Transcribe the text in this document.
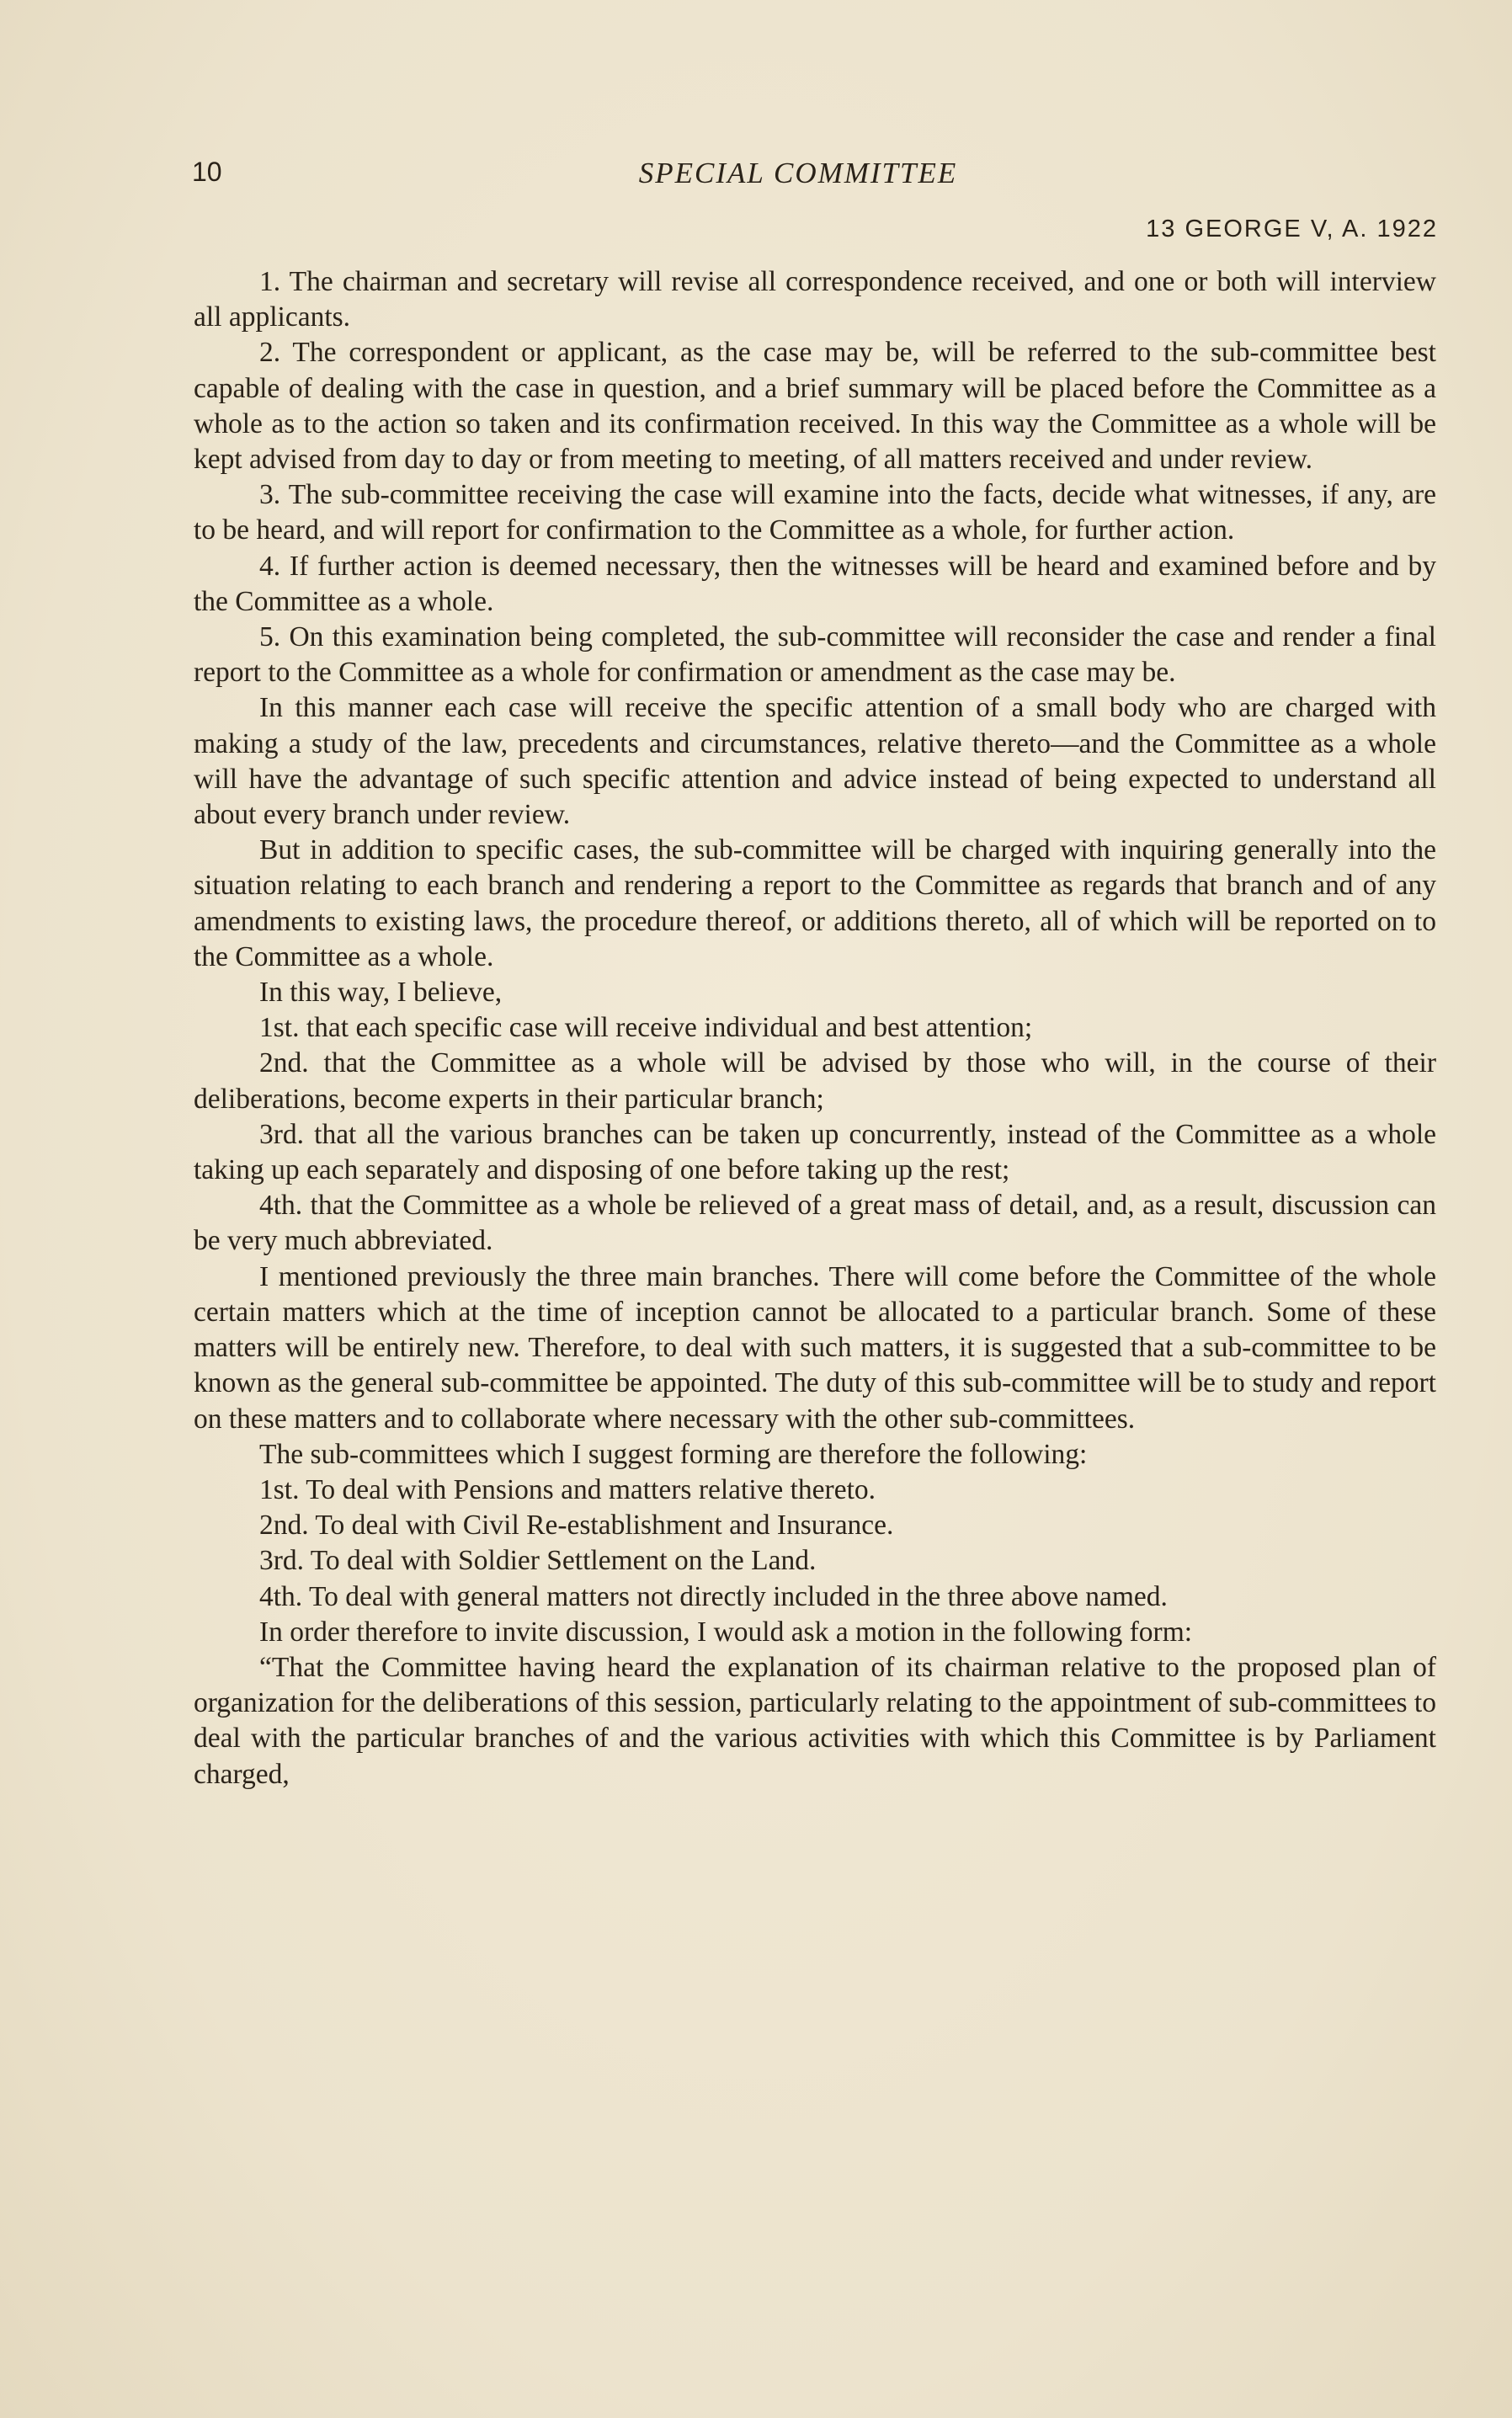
10	SPECIAL COMMITTEE
13 GEORGE V, A. 1922

1. The chairman and secretary will revise all correspondence received, and one or both will interview all applicants.

2. The correspondent or applicant, as the case may be, will be referred to the sub-committee best capable of dealing with the case in question, and a brief summary will be placed before the Committee as a whole as to the action so taken and its confirmation received. In this way the Committee as a whole will be kept advised from day to day or from meeting to meeting, of all matters received and under review.

3. The sub-committee receiving the case will examine into the facts, decide what witnesses, if any, are to be heard, and will report for confirmation to the Committee as a whole, for further action.

4. If further action is deemed necessary, then the witnesses will be heard and examined before and by the Committee as a whole.

5. On this examination being completed, the sub-committee will reconsider the case and render a final report to the Committee as a whole for confirmation or amendment as the case may be.

In this manner each case will receive the specific attention of a small body who are charged with making a study of the law, precedents and circumstances, relative thereto—and the Committee as a whole will have the advantage of such specific attention and advice instead of being expected to understand all about every branch under review.

But in addition to specific cases, the sub-committee will be charged with inquiring generally into the situation relating to each branch and rendering a report to the Committee as regards that branch and of any amendments to existing laws, the procedure thereof, or additions thereto, all of which will be reported on to the Committee as a whole.

In this way, I believe,

1st. that each specific case will receive individual and best attention;

2nd. that the Committee as a whole will be advised by those who will, in the course of their deliberations, become experts in their particular branch;

3rd. that all the various branches can be taken up concurrently, instead of the Committee as a whole taking up each separately and disposing of one before taking up the rest;

4th. that the Committee as a whole be relieved of a great mass of detail, and, as a result, discussion can be very much abbreviated.

I mentioned previously the three main branches. There will come before the Committee of the whole certain matters which at the time of inception cannot be allocated to a particular branch. Some of these matters will be entirely new. Therefore, to deal with such matters, it is suggested that a sub-committee to be known as the general sub-committee be appointed. The duty of this sub-committee will be to study and report on these matters and to collaborate where necessary with the other sub-committees.

The sub-committees which I suggest forming are therefore the following:

1st. To deal with Pensions and matters relative thereto.

2nd. To deal with Civil Re-establishment and Insurance.

3rd. To deal with Soldier Settlement on the Land.

4th. To deal with general matters not directly included in the three above named.

In order therefore to invite discussion, I would ask a motion in the following form:

“That the Committee having heard the explanation of its chairman relative to the proposed plan of organization for the deliberations of this session, particularly relating to the appointment of sub-committees to deal with the particular branches of and the various activities with which this Committee is by Parliament charged,
